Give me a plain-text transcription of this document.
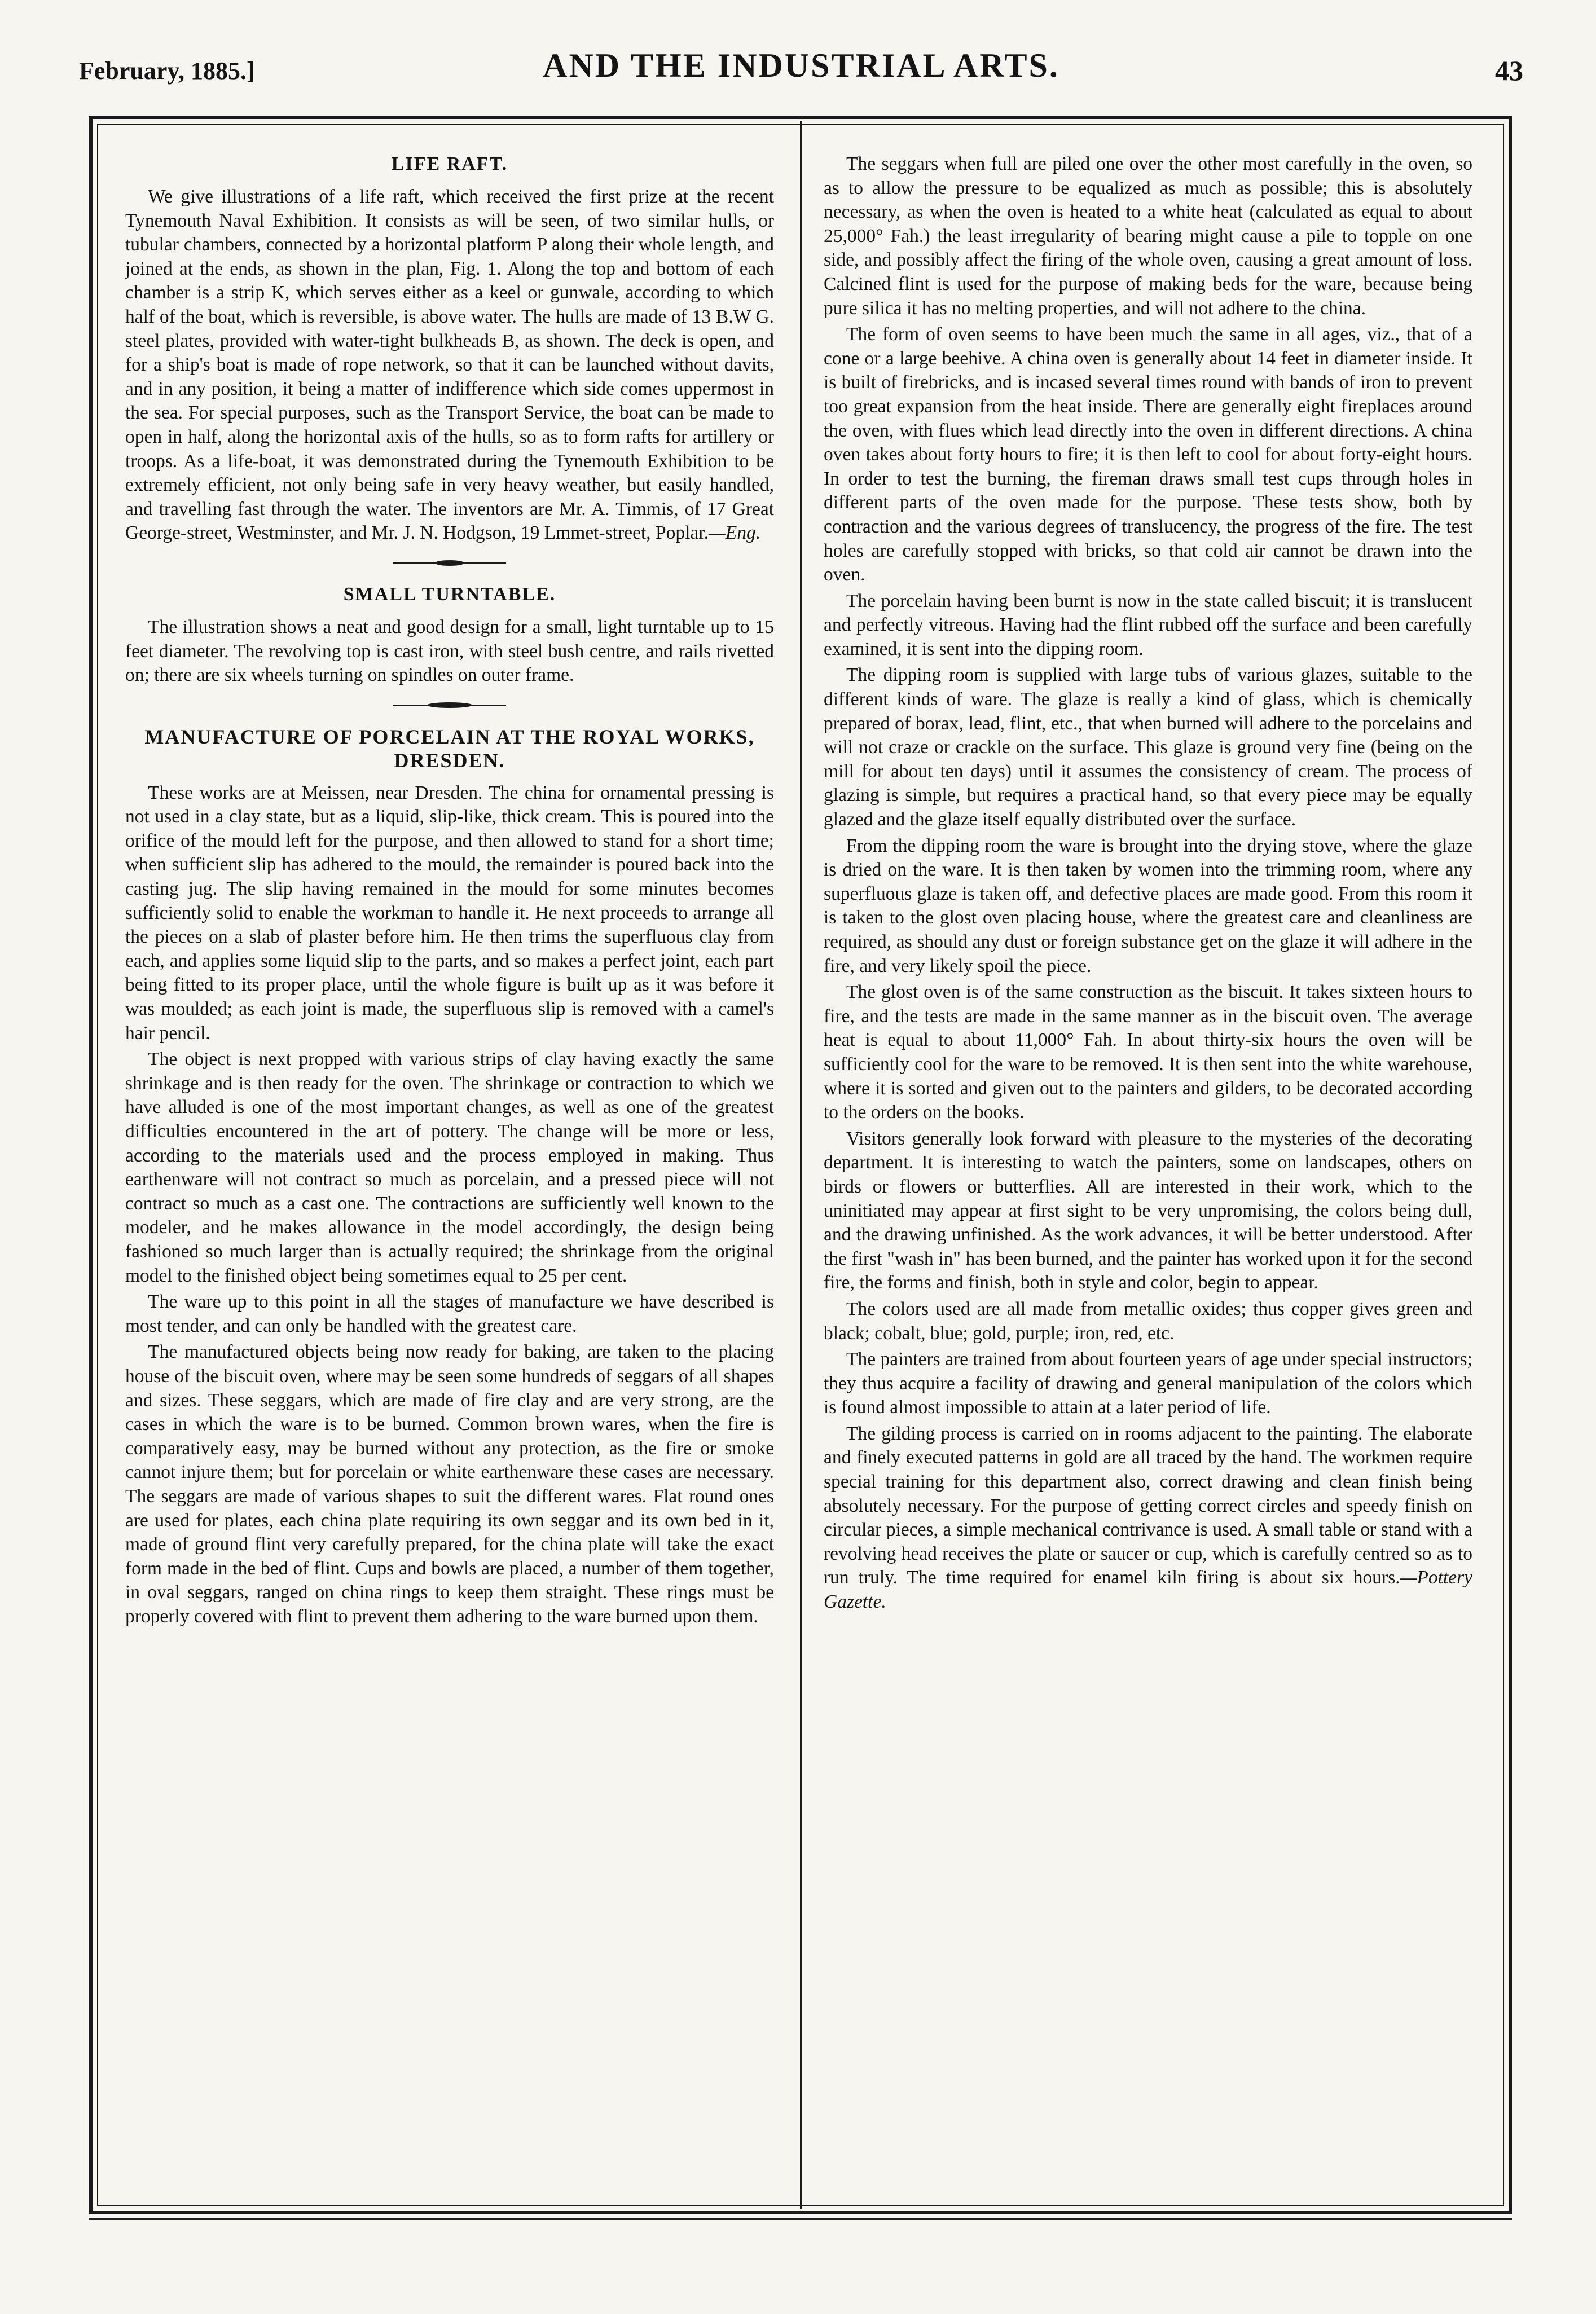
February, 1885.]	AND THE INDUSTRIAL ARTS.	43
LIFE RAFT.

We give illustrations of a life raft, which received the first prize at the recent Tynemouth Naval Exhibition. It consists as will be seen, of two similar hulls, or tubular chambers, connected by a horizontal platform P along their whole length, and joined at the ends, as shown in the plan, Fig. 1. Along the top and bottom of each chamber is a strip K, which serves either as a keel or gunwale, according to which half of the boat, which is reversible, is above water. The hulls are made of 13 B.W G. steel plates, provided with water-tight bulkheads B, as shown. The deck is open, and for a ship's boat is made of rope network, so that it can be launched without davits, and in any position, it being a matter of indifference which side comes uppermost in the sea. For special purposes, such as the Transport Service, the boat can be made to open in half, along the horizontal axis of the hulls, so as to form rafts for artillery or troops. As a life-boat, it was demonstrated during the Tynemouth Exhibition to be extremely efficient, not only being safe in very heavy weather, but easily handled, and travelling fast through the water. The inventors are Mr. A. Timmis, of 17 Great George-street, Westminster, and Mr. J. N. Hodgson, 19 Lmmet-street, Poplar.—Eng.

SMALL TURNTABLE.

The illustration shows a neat and good design for a small, light turntable up to 15 feet diameter. The revolving top is cast iron, with steel bush centre, and rails rivetted on; there are six wheels turning on spindles on outer frame.

MANUFACTURE OF PORCELAIN AT THE ROYAL WORKS, DRESDEN.

These works are at Meissen, near Dresden. The china for ornamental pressing is not used in a clay state, but as a liquid, slip-like, thick cream. This is poured into the orifice of the mould left for the purpose, and then allowed to stand for a short time; when sufficient slip has adhered to the mould, the remainder is poured back into the casting jug. The slip having remained in the mould for some minutes becomes sufficiently solid to enable the workman to handle it. He next proceeds to arrange all the pieces on a slab of plaster before him. He then trims the superfluous clay from each, and applies some liquid slip to the parts, and so makes a perfect joint, each part being fitted to its proper place, until the whole figure is built up as it was before it was moulded; as each joint is made, the superfluous slip is removed with a camel's hair pencil.

The object is next propped with various strips of clay having exactly the same shrinkage and is then ready for the oven. The shrinkage or contraction to which we have alluded is one of the most important changes, as well as one of the greatest difficulties encountered in the art of pottery. The change will be more or less, according to the materials used and the process employed in making. Thus earthenware will not contract so much as porcelain, and a pressed piece will not contract so much as a cast one. The contractions are sufficiently well known to the modeler, and he makes allowance in the model accordingly, the design being fashioned so much larger than is actually required; the shrinkage from the original model to the finished object being sometimes equal to 25 per cent.

The ware up to this point in all the stages of manufacture we have described is most tender, and can only be handled with the greatest care.

The manufactured objects being now ready for baking, are taken to the placing house of the biscuit oven, where may be seen some hundreds of seggars of all shapes and sizes. These seggars, which are made of fire clay and are very strong, are the cases in which the ware is to be burned. Common brown wares, when the fire is comparatively easy, may be burned without any protection, as the fire or smoke cannot injure them; but for porcelain or white earthenware these cases are necessary. The seggars are made of various shapes to suit the different wares. Flat round ones are used for plates, each china plate requiring its own seggar and its own bed in it, made of ground flint very carefully prepared, for the china plate will take the exact form made in the bed of flint. Cups and bowls are placed, a number of them together, in oval seggars, ranged on china rings to keep them straight. These rings must be properly covered with flint to prevent them adhering to the ware burned upon them.

The seggars when full are piled one over the other most carefully in the oven, so as to allow the pressure to be equalized as much as possible; this is absolutely necessary, as when the oven is heated to a white heat (calculated as equal to about 25,000° Fah.) the least irregularity of bearing might cause a pile to topple on one side, and possibly affect the firing of the whole oven, causing a great amount of loss. Calcined flint is used for the purpose of making beds for the ware, because being pure silica it has no melting properties, and will not adhere to the china.

The form of oven seems to have been much the same in all ages, viz., that of a cone or a large beehive. A china oven is generally about 14 feet in diameter inside. It is built of firebricks, and is incased several times round with bands of iron to prevent too great expansion from the heat inside. There are generally eight fireplaces around the oven, with flues which lead directly into the oven in different directions. A china oven takes about forty hours to fire; it is then left to cool for about forty-eight hours. In order to test the burning, the fireman draws small test cups through holes in different parts of the oven made for the purpose. These tests show, both by contraction and the various degrees of translucency, the progress of the fire. The test holes are carefully stopped with bricks, so that cold air cannot be drawn into the oven.

The porcelain having been burnt is now in the state called biscuit; it is translucent and perfectly vitreous. Having had the flint rubbed off the surface and been carefully examined, it is sent into the dipping room.

The dipping room is supplied with large tubs of various glazes, suitable to the different kinds of ware. The glaze is really a kind of glass, which is chemically prepared of borax, lead, flint, etc., that when burned will adhere to the porcelains and will not craze or crackle on the surface. This glaze is ground very fine (being on the mill for about ten days) until it assumes the consistency of cream. The process of glazing is simple, but requires a practical hand, so that every piece may be equally glazed and the glaze itself equally distributed over the surface.

From the dipping room the ware is brought into the drying stove, where the glaze is dried on the ware. It is then taken by women into the trimming room, where any superfluous glaze is taken off, and defective places are made good. From this room it is taken to the glost oven placing house, where the greatest care and cleanliness are required, as should any dust or foreign substance get on the glaze it will adhere in the fire, and very likely spoil the piece.

The glost oven is of the same construction as the biscuit. It takes sixteen hours to fire, and the tests are made in the same manner as in the biscuit oven. The average heat is equal to about 11,000° Fah. In about thirty-six hours the oven will be sufficiently cool for the ware to be removed. It is then sent into the white warehouse, where it is sorted and given out to the painters and gilders, to be decorated according to the orders on the books.

Visitors generally look forward with pleasure to the mysteries of the decorating department. It is interesting to watch the painters, some on landscapes, others on birds or flowers or butterflies. All are interested in their work, which to the uninitiated may appear at first sight to be very unpromising, the colors being dull, and the drawing unfinished. As the work advances, it will be better understood. After the first "wash in" has been burned, and the painter has worked upon it for the second fire, the forms and finish, both in style and color, begin to appear.

The colors used are all made from metallic oxides; thus copper gives green and black; cobalt, blue; gold, purple; iron, red, etc.

The painters are trained from about fourteen years of age under special instructors; they thus acquire a facility of drawing and general manipulation of the colors which is found almost impossible to attain at a later period of life.

The gilding process is carried on in rooms adjacent to the painting. The elaborate and finely executed patterns in gold are all traced by the hand. The workmen require special training for this department also, correct drawing and clean finish being absolutely necessary. For the purpose of getting correct circles and speedy finish on circular pieces, a simple mechanical contrivance is used. A small table or stand with a revolving head receives the plate or saucer or cup, which is carefully centred so as to run truly. The time required for enamel kiln firing is about six hours.—Pottery Gazette.
